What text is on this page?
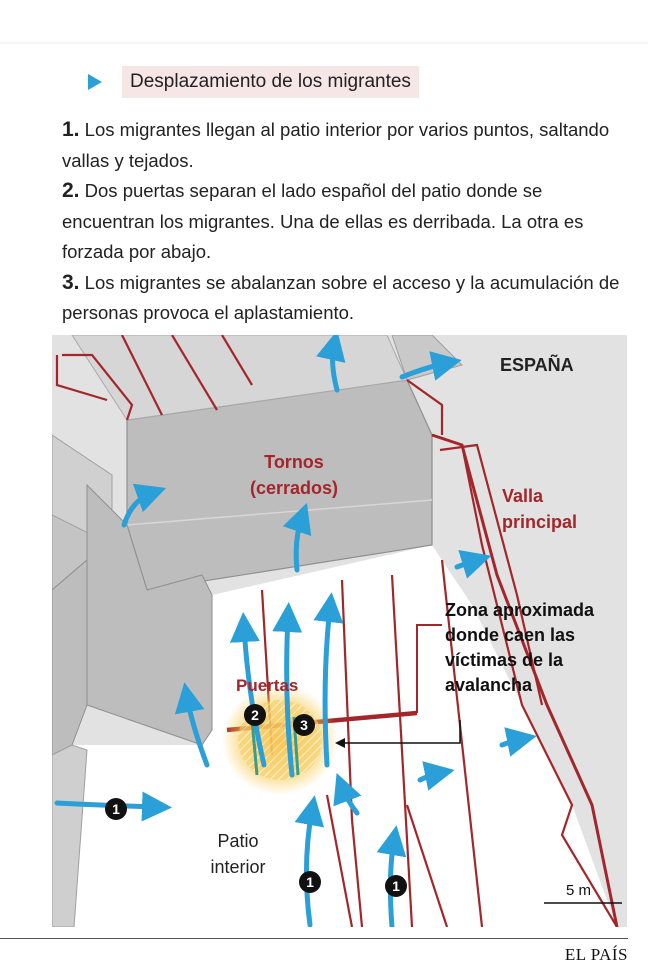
Desplazamiento de los migrantes

1. Los migrantes llegan al patio interior por varios puntos, saltando vallas y tejados.

2. Dos puertas separan el lado español del patio donde se encuentran los migrantes. Una de ellas es derribada. La otra es forzada por abajo.

3. Los migrantes se abalanzan sobre el acceso y la acumulación de personas provoca el aplastamiento.

1
1	1
2
3
ESPAÑA
Tornos
(cerrados)	Valla
principal
Zona aproximada
donde caen las
víctimas de la
avalancha
Puertas
Patio
interior
5 m
EL PAÍS
